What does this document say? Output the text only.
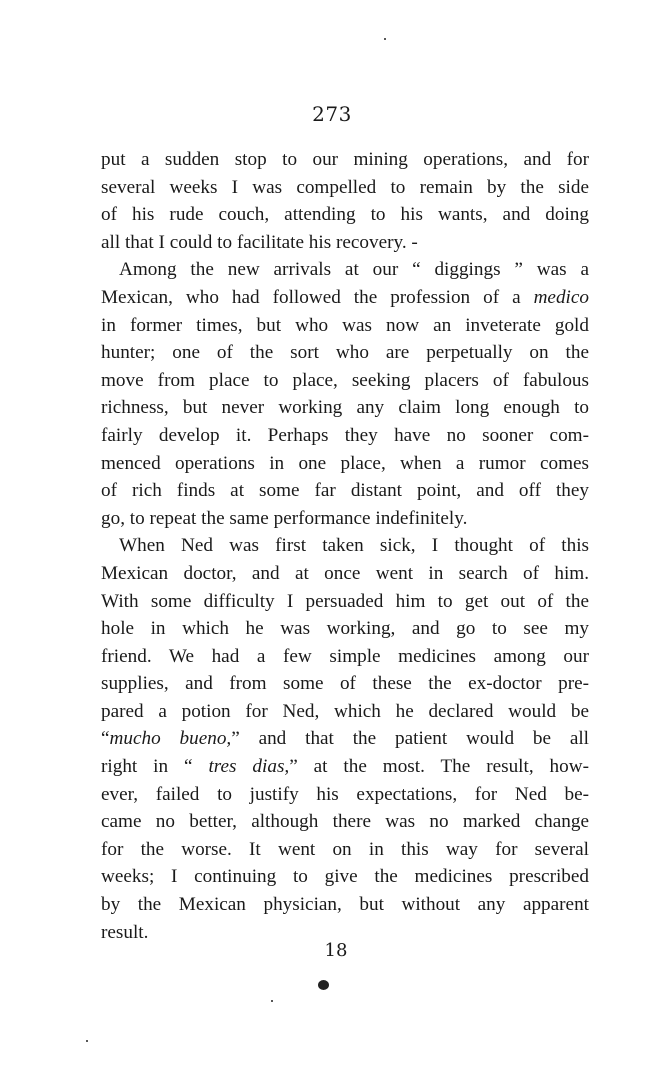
273
put a sudden stop to our mining operations, and for
several weeks I was compelled to remain by the side
of his rude couch, attending to his wants, and doing
all that I could to facilitate his recovery. -
Among the new arrivals at our “ diggings ” was a
Mexican, who had followed the profession of a medico
in former times, but who was now an inveterate gold
hunter; one of the sort who are perpetually on the
move from place to place, seeking placers of fabulous
richness, but never working any claim long enough to
fairly develop it. Perhaps they have no sooner com-
menced operations in one place, when a rumor comes
of rich finds at some far distant point, and off they
go, to repeat the same performance indefinitely.
When Ned was first taken sick, I thought of this
Mexican doctor, and at once went in search of him.
With some difficulty I persuaded him to get out of the
hole in which he was working, and go to see my
friend. We had a few simple medicines among our
supplies, and from some of these the ex-doctor pre-
pared a potion for Ned, which he declared would be
“mucho bueno,” and that the patient would be all
right in “ tres dias,” at the most. The result, how-
ever, failed to justify his expectations, for Ned be-
came no better, although there was no marked change
for the worse. It went on in this way for several
weeks; I continuing to give the medicines prescribed
by the Mexican physician, but without any apparent
result.
18
